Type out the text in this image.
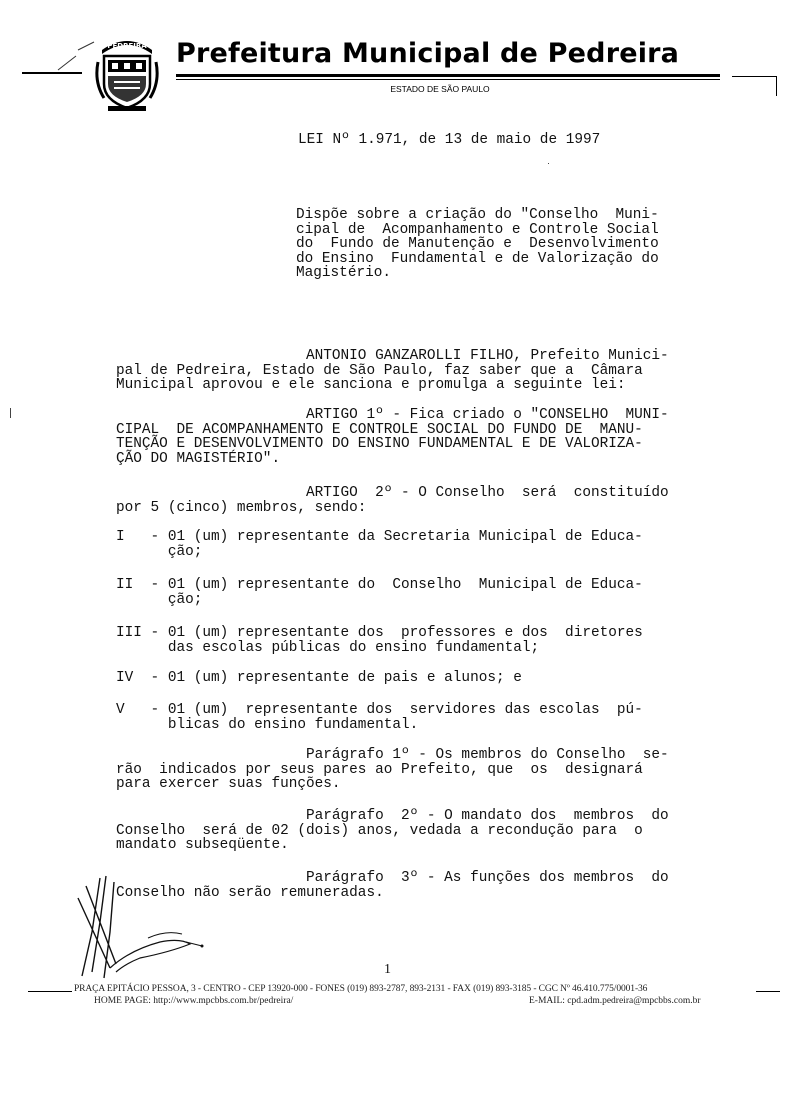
PEDREIRA Prefeitura Municipal de Pedreira
ESTADO DE SÃO PAULO
LEI Nº 1.971, de 13 de maio de 1997
Dispõe sobre a criação do "Conselho  Muni-
cipal de  Acompanhamento e Controle Social
do  Fundo de Manutenção e  Desenvolvimento
do Ensino  Fundamental e de Valorização do
Magistério.
ANTONIO GANZAROLLI FILHO, Prefeito Munici-
pal de Pedreira, Estado de São Paulo, faz saber que a  Câmara
Municipal aprovou e ele sanciona e promulga a seguinte lei:
ARTIGO 1º - Fica criado o "CONSELHO  MUNI-
CIPAL  DE ACOMPANHAMENTO E CONTROLE SOCIAL DO FUNDO DE  MANU-
TENÇÃO E DESENVOLVIMENTO DO ENSINO FUNDAMENTAL E DE VALORIZA-
ÇÃO DO MAGISTÉRIO".
ARTIGO  2º - O Conselho  será  constituído
por 5 (cinco) membros, sendo:
I   - 01 (um) representante da Secretaria Municipal de Educa-
ção;
II  - 01 (um) representante do  Conselho  Municipal de Educa-
ção;
III - 01 (um) representante dos  professores e dos  diretores
das escolas públicas do ensino fundamental;
IV  - 01 (um) representante de pais e alunos; e
V   - 01 (um)  representante dos  servidores das escolas  pú-
blicas do ensino fundamental.
Parágrafo 1º - Os membros do Conselho  se-
rão  indicados por seus pares ao Prefeito, que  os  designará
para exercer suas funções.
Parágrafo  2º - O mandato dos  membros  do
Conselho  será de 02 (dois) anos, vedada a recondução para  o
mandato subseqüente.
Parágrafo  3º - As funções dos membros  do
Conselho não serão remuneradas.
1
PRAÇA EPITÁCIO PESSOA, 3 - CENTRO - CEP 13920-000 - FONES (019) 893-2787, 893-2131 - FAX (019) 893-3185 - CGC Nº 46.410.775/0001-36
HOME PAGE: http://www.mpcbbs.com.br/pedreira/	E-MAIL: cpd.adm.pedreira@mpcbbs.com.br
